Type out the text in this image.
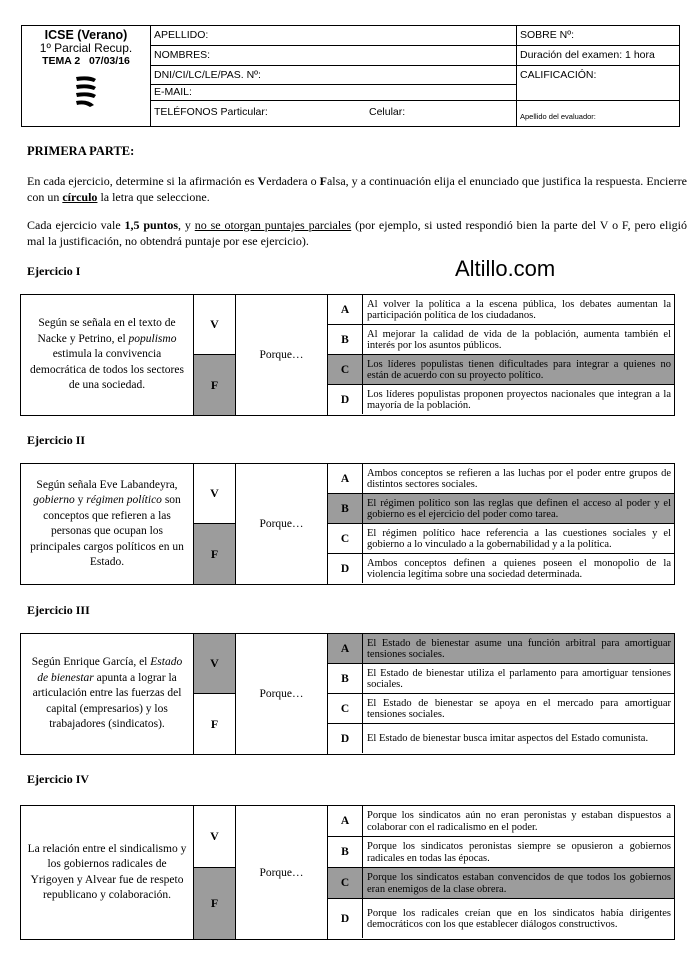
ICSE (Verano)
1º Parcial Recup.
TEMA 2 07/03/16
APELLIDO:
NOMBRES:
DNI/CI/LC/LE/PAS. Nº:
E-MAIL:
TELÉFONOS Particular:	Celular:
SOBRE Nº:
Duración del examen: 1 hora
CALIFICACIÓN:
Apellido del evaluador:
PRIMERA PARTE:
En cada ejercicio, determine si la afirmación es Verdadera o Falsa, y a continuación elija el enunciado que justifica la respuesta. Encierre con un círculo la letra que seleccione.
Cada ejercicio vale 1,5 puntos, y no se otorgan puntajes parciales (por ejemplo, si usted respondió bien la parte del V o F, pero eligió mal la justificación, no obtendrá puntaje por ese ejercicio).
Altillo.com
Ejercicio I
Según se señala en el texto de Nacke y Petrino, el populismo estimula la convivencia democrática de todos los sectores de una sociedad.
V
F
Porque…
A	Al volver la política a la escena pública, los debates aumentan la participación política de los ciudadanos.
B	Al mejorar la calidad de vida de la población, aumenta también el interés por los asuntos públicos.
C	Los líderes populistas tienen dificultades para integrar a quienes no están de acuerdo con su proyecto político.
D	Los líderes populistas proponen proyectos nacionales que integran a la mayoría de la población.
Ejercicio II
Según señala Eve Labandeyra, gobierno y régimen político son conceptos que refieren a las personas que ocupan los principales cargos políticos en un Estado.
V
F
Porque…
A	Ambos conceptos se refieren a las luchas por el poder entre grupos de distintos sectores sociales.
B	El régimen político son las reglas que definen el acceso al poder y el gobierno es el ejercicio del poder como tarea.
C	El régimen político hace referencia a las cuestiones sociales y el gobierno a lo vinculado a la gobernabilidad y a la política.
D	Ambos conceptos definen a quienes poseen el monopolio de la violencia legítima sobre una sociedad determinada.
Ejercicio III
Según Enrique García, el Estado de bienestar apunta a lograr la articulación entre las fuerzas del capital (empresarios) y los trabajadores (sindicatos).
V
F
Porque…
A	El Estado de bienestar asume una función arbitral para amortiguar tensiones sociales.
B	El Estado de bienestar utiliza el parlamento para amortiguar tensiones sociales.
C	El Estado de bienestar se apoya en el mercado para amortiguar tensiones sociales.
D	El Estado de bienestar busca imitar aspectos del Estado comunista.
Ejercicio IV
La relación entre el sindicalismo y los gobiernos radicales de Yrigoyen y Alvear fue de respeto republicano y colaboración.
V
F
Porque…
A	Porque los sindicatos aún no eran peronistas y estaban dispuestos a colaborar con el radicalismo en el poder.
B	Porque los sindicatos peronistas siempre se opusieron a gobiernos radicales en todas las épocas.
C	Porque los sindicatos estaban convencidos de que todos los gobiernos eran enemigos de la clase obrera.
D	Porque los radicales creían que en los sindicatos había dirigentes democráticos con los que establecer diálogos constructivos.
